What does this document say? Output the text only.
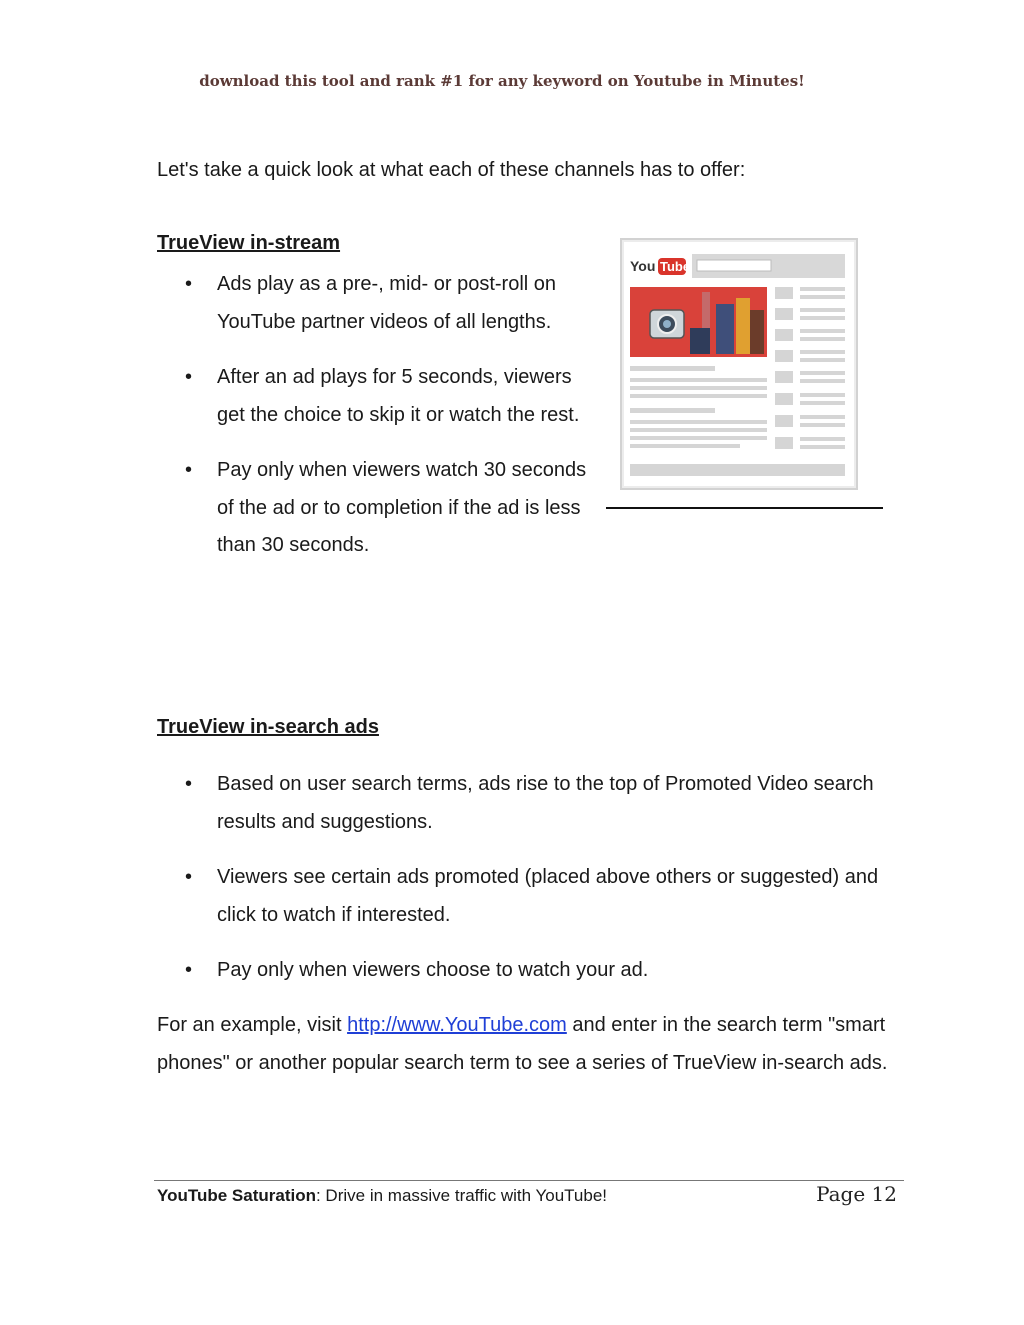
download this tool and rank #1 for any keyword on Youtube in Minutes!

Let's take a quick look at what each of these channels has to offer:

TrueView in-stream

• Ads play as a pre-, mid- or post-roll on YouTube partner videos of all lengths.
• After an ad plays for 5 seconds, viewers get the choice to skip it or watch the rest.
• Pay only when viewers watch 30 seconds of the ad or to completion if the ad is less than 30 seconds.
You Tube

TrueView in-search ads

• Based on user search terms, ads rise to the top of Promoted Video search results and suggestions.
• Viewers see certain ads promoted (placed above others or suggested) and click to watch if interested.
• Pay only when viewers choose to watch your ad.

For an example, visit http://www.YouTube.com and enter in the search term "smart phones" or another popular search term to see a series of TrueView in-search ads.

YouTube Saturation: Drive in massive traffic with YouTube!	Page 12
